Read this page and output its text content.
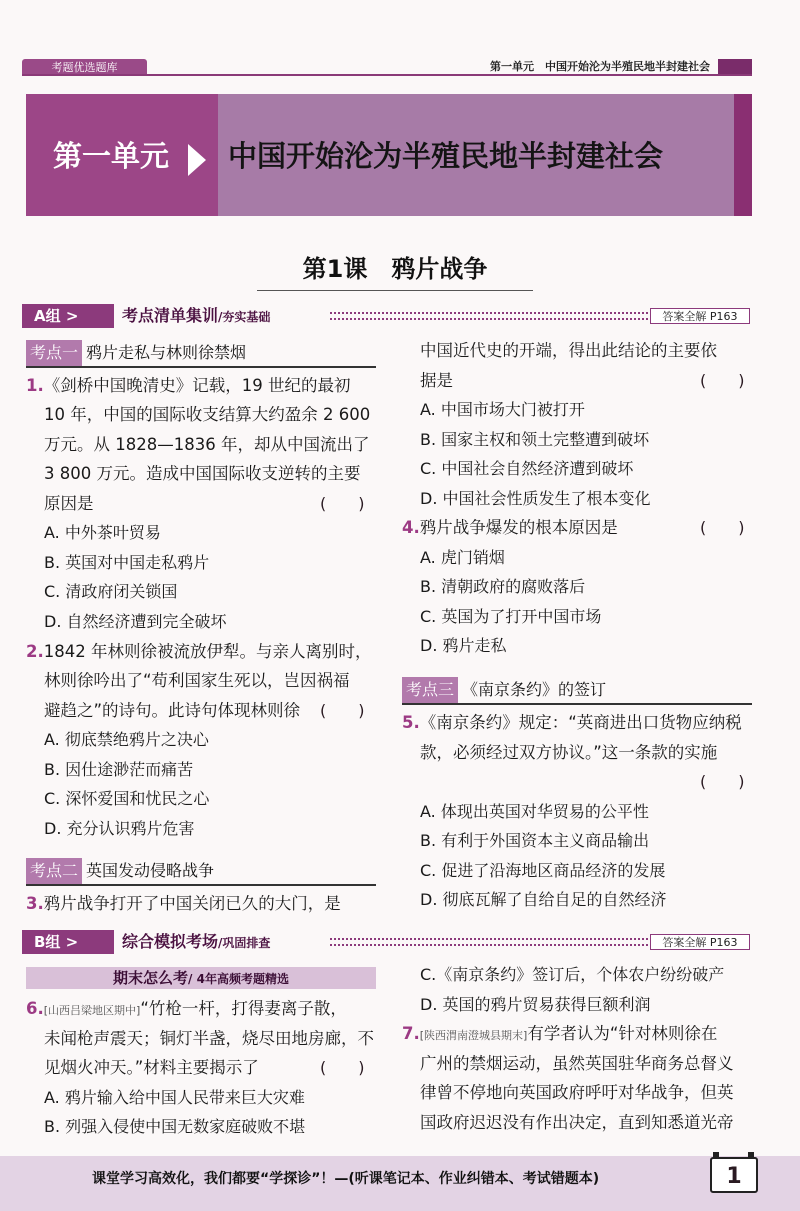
考题优选题库	第一单元　中国开始沦为半殖民地半封建社会
第一单元	中国开始沦为半殖民地半封建社会
第1课　鸦片战争
A组 >	考点清单集训/夯实基础	答案全解 P163
考点一 鸦片走私与林则徐禁烟
1.《剑桥中国晚清史》记载，19 世纪的最初
10 年，中国的国际收支结算大约盈余 2 600
万元。从 1828—1836 年，却从中国流出了
3 800 万元。造成中国国际收支逆转的主要
原因是	(　　)
A. 中外茶叶贸易
B. 英国对中国走私鸦片
C. 清政府闭关锁国
D. 自然经济遭到完全破坏
2.1842 年林则徐被流放伊犁。与亲人离别时，
林则徐吟出了“苟利国家生死以，岂因祸福
避趋之”的诗句。此诗句体现林则徐 (　　)
A. 彻底禁绝鸦片之决心
B. 因仕途渺茫而痛苦
C. 深怀爱国和忧民之心
D. 充分认识鸦片危害
考点二 英国发动侵略战争
3.鸦片战争打开了中国关闭已久的大门，是
中国近代史的开端，得出此结论的主要依
据是	(　　)
A. 中国市场大门被打开
B. 国家主权和领土完整遭到破坏
C. 中国社会自然经济遭到破坏
D. 中国社会性质发生了根本变化
4.鸦片战争爆发的根本原因是	(　　)
A. 虎门销烟
B. 清朝政府的腐败落后
C. 英国为了打开中国市场
D. 鸦片走私
考点三 《南京条约》的签订
5.《南京条约》规定：“英商进出口货物应纳税
款，必须经过双方协议。”这一条款的实施
(　　)
A. 体现出英国对华贸易的公平性
B. 有利于外国资本主义商品输出
C. 促进了沿海地区商品经济的发展
D. 彻底瓦解了自给自足的自然经济
B组 >	综合模拟考场/巩固排查	答案全解 P163
期末怎么考/ 4年高频考题精选
6.[山西吕梁地区期中]“竹枪一杆，打得妻离子散，
未闻枪声震天；铜灯半盏，烧尽田地房廊，不
见烟火冲天。”材料主要揭示了	(　　)
A. 鸦片输入给中国人民带来巨大灾难
B. 列强入侵使中国无数家庭破败不堪
C.《南京条约》签订后，个体农户纷纷破产
D. 英国的鸦片贸易获得巨额利润
7.[陕西渭南澄城县期末]有学者认为“针对林则徐在
广州的禁烟运动，虽然英国驻华商务总督义
律曾不停地向英国政府呼吁对华战争，但英
国政府迟迟没有作出决定，直到知悉道光帝
课堂学习高效化，我们都要“学探诊”！—(听课笔记本、作业纠错本、考试错题本)	1
